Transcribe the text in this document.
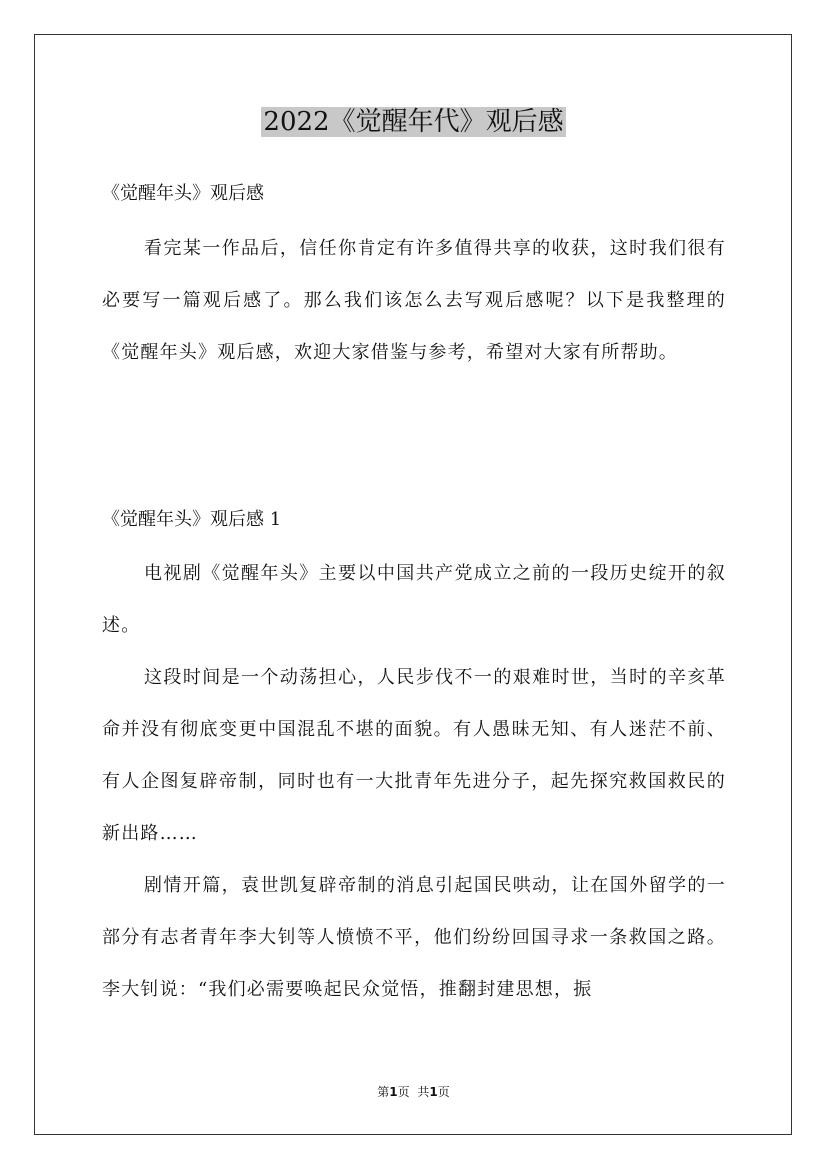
2022《觉醒年代》观后感
《觉醒年头》观后感

看完某一作品后，信任你肯定有许多值得共享的收获，这时我们很有必要写一篇观后感了。那么我们该怎么去写观后感呢？以下是我整理的《觉醒年头》观后感，欢迎大家借鉴与参考，希望对大家有所帮助。

《觉醒年头》观后感 1

电视剧《觉醒年头》主要以中国共产党成立之前的一段历史绽开的叙述。

这段时间是一个动荡担心，人民步伐不一的艰难时世，当时的辛亥革命并没有彻底变更中国混乱不堪的面貌。有人愚昧无知、有人迷茫不前、有人企图复辟帝制，同时也有一大批青年先进分子，起先探究救国救民的新出路……

剧情开篇，袁世凯复辟帝制的消息引起国民哄动，让在国外留学的一部分有志者青年李大钊等人愤愤不平，他们纷纷回国寻求一条救国之路。李大钊说：“我们必需要唤起民众觉悟，推翻封建思想，振

第1页 共1页
